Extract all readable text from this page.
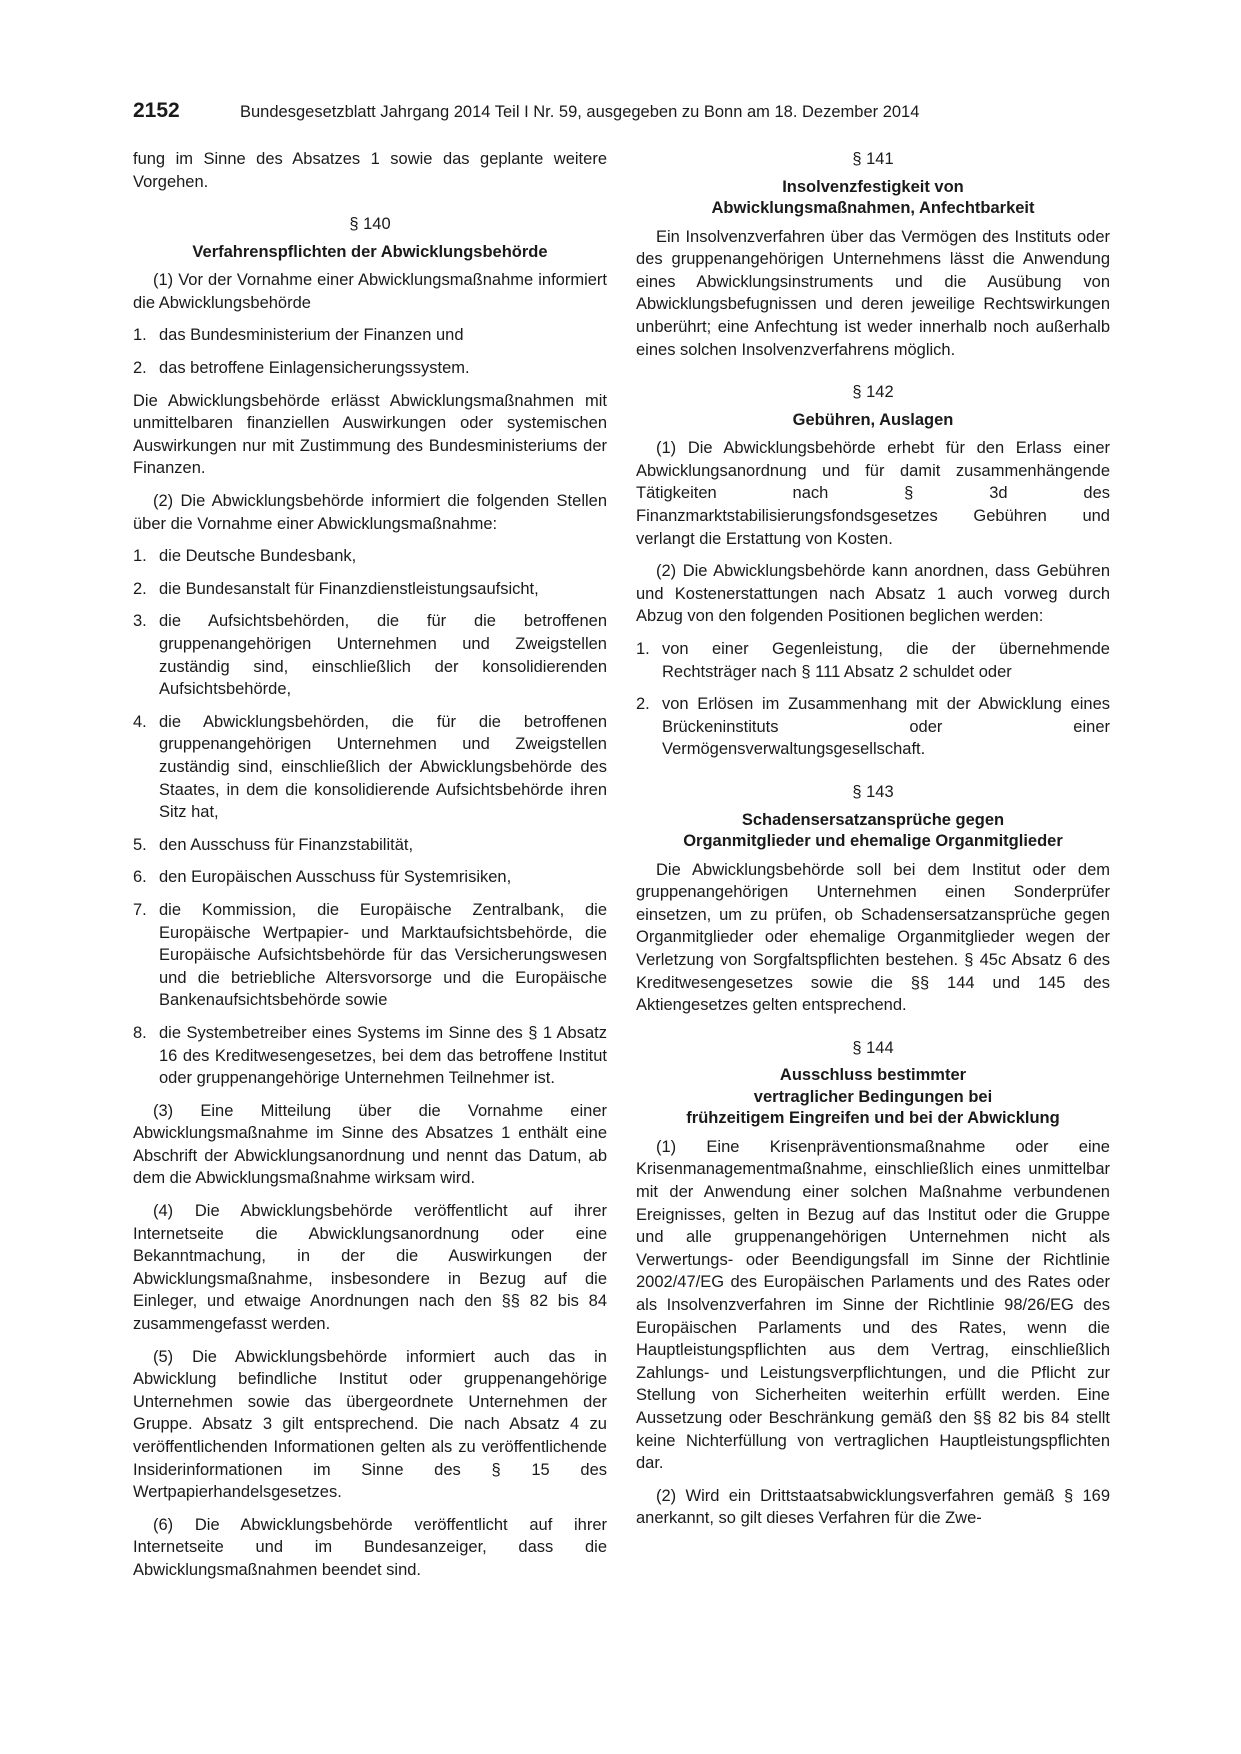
2152	Bundesgesetzblatt Jahrgang 2014 Teil I Nr. 59, ausgegeben zu Bonn am 18. Dezember 2014

fung im Sinne des Absatzes 1 sowie das geplante weitere Vorgehen.

§ 140
Verfahrenspflichten der Abwicklungsbehörde

(1) Vor der Vornahme einer Abwicklungsmaßnahme informiert die Abwicklungsbehörde

1. das Bundesministerium der Finanzen und
2. das betroffene Einlagensicherungssystem.

Die Abwicklungsbehörde erlässt Abwicklungsmaßnahmen mit unmittelbaren finanziellen Auswirkungen oder systemischen Auswirkungen nur mit Zustimmung des Bundesministeriums der Finanzen.

(2) Die Abwicklungsbehörde informiert die folgenden Stellen über die Vornahme einer Abwicklungsmaßnahme:

1. die Deutsche Bundesbank,
2. die Bundesanstalt für Finanzdienstleistungsaufsicht,
3. die Aufsichtsbehörden, die für die betroffenen gruppenangehörigen Unternehmen und Zweigstellen zuständig sind, einschließlich der konsolidierenden Aufsichtsbehörde,
4. die Abwicklungsbehörden, die für die betroffenen gruppenangehörigen Unternehmen und Zweigstellen zuständig sind, einschließlich der Abwicklungsbehörde des Staates, in dem die konsolidierende Aufsichtsbehörde ihren Sitz hat,
5. den Ausschuss für Finanzstabilität,
6. den Europäischen Ausschuss für Systemrisiken,
7. die Kommission, die Europäische Zentralbank, die Europäische Wertpapier- und Marktaufsichtsbehörde, die Europäische Aufsichtsbehörde für das Versicherungswesen und die betriebliche Altersvorsorge und die Europäische Bankenaufsichtsbehörde sowie
8. die Systembetreiber eines Systems im Sinne des § 1 Absatz 16 des Kreditwesengesetzes, bei dem das betroffene Institut oder gruppenangehörige Unternehmen Teilnehmer ist.

(3) Eine Mitteilung über die Vornahme einer Abwicklungsmaßnahme im Sinne des Absatzes 1 enthält eine Abschrift der Abwicklungsanordnung und nennt das Datum, ab dem die Abwicklungsmaßnahme wirksam wird.

(4) Die Abwicklungsbehörde veröffentlicht auf ihrer Internetseite die Abwicklungsanordnung oder eine Bekanntmachung, in der die Auswirkungen der Abwicklungsmaßnahme, insbesondere in Bezug auf die Einleger, und etwaige Anordnungen nach den §§ 82 bis 84 zusammengefasst werden.

(5) Die Abwicklungsbehörde informiert auch das in Abwicklung befindliche Institut oder gruppenangehörige Unternehmen sowie das übergeordnete Unternehmen der Gruppe. Absatz 3 gilt entsprechend. Die nach Absatz 4 zu veröffentlichenden Informationen gelten als zu veröffentlichende Insiderinformationen im Sinne des § 15 des Wertpapierhandelsgesetzes.

(6) Die Abwicklungsbehörde veröffentlicht auf ihrer Internetseite und im Bundesanzeiger, dass die Abwicklungsmaßnahmen beendet sind.

§ 141
Insolvenzfestigkeit von
Abwicklungsmaßnahmen, Anfechtbarkeit

Ein Insolvenzverfahren über das Vermögen des Instituts oder des gruppenangehörigen Unternehmens lässt die Anwendung eines Abwicklungsinstruments und die Ausübung von Abwicklungsbefugnissen und deren jeweilige Rechtswirkungen unberührt; eine Anfechtung ist weder innerhalb noch außerhalb eines solchen Insolvenzverfahrens möglich.

§ 142
Gebühren, Auslagen

(1) Die Abwicklungsbehörde erhebt für den Erlass einer Abwicklungsanordnung und für damit zusammenhängende Tätigkeiten nach § 3d des Finanzmarktstabilisierungsfondsgesetzes Gebühren und verlangt die Erstattung von Kosten.

(2) Die Abwicklungsbehörde kann anordnen, dass Gebühren und Kostenerstattungen nach Absatz 1 auch vorweg durch Abzug von den folgenden Positionen beglichen werden:

1. von einer Gegenleistung, die der übernehmende Rechtsträger nach § 111 Absatz 2 schuldet oder
2. von Erlösen im Zusammenhang mit der Abwicklung eines Brückeninstituts oder einer Vermögensverwaltungsgesellschaft.
§ 143
Schadensersatzansprüche gegen
Organmitglieder und ehemalige Organmitglieder

Die Abwicklungsbehörde soll bei dem Institut oder dem gruppenangehörigen Unternehmen einen Sonderprüfer einsetzen, um zu prüfen, ob Schadensersatzansprüche gegen Organmitglieder oder ehemalige Organmitglieder wegen der Verletzung von Sorgfaltspflichten bestehen. § 45c Absatz 6 des Kreditwesengesetzes sowie die §§ 144 und 145 des Aktiengesetzes gelten entsprechend.

§ 144
Ausschluss bestimmter
vertraglicher Bedingungen bei
frühzeitigem Eingreifen und bei der Abwicklung

(1) Eine Krisenpräventionsmaßnahme oder eine Krisenmanagementmaßnahme, einschließlich eines unmittelbar mit der Anwendung einer solchen Maßnahme verbundenen Ereignisses, gelten in Bezug auf das Institut oder die Gruppe und alle gruppenangehörigen Unternehmen nicht als Verwertungs- oder Beendigungsfall im Sinne der Richtlinie 2002/47/EG des Europäischen Parlaments und des Rates oder als Insolvenzverfahren im Sinne der Richtlinie 98/26/EG des Europäischen Parlaments und des Rates, wenn die Hauptleistungspflichten aus dem Vertrag, einschließlich Zahlungs- und Leistungsverpflichtungen, und die Pflicht zur Stellung von Sicherheiten weiterhin erfüllt werden. Eine Aussetzung oder Beschränkung gemäß den §§ 82 bis 84 stellt keine Nichterfüllung von vertraglichen Hauptleistungspflichten dar.

(2) Wird ein Drittstaatsabwicklungsverfahren gemäß § 169 anerkannt, so gilt dieses Verfahren für die Zwe-
